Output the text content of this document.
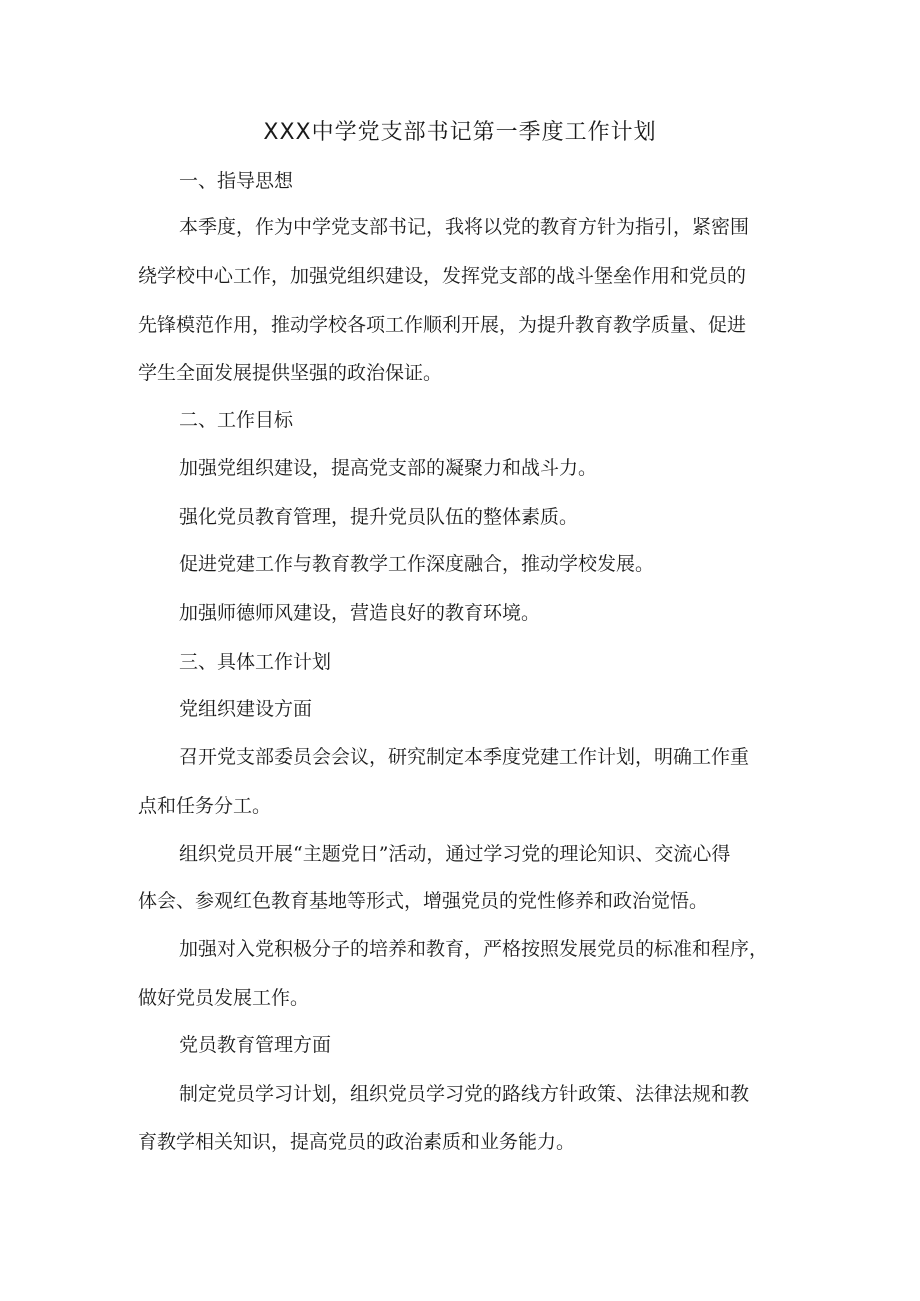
XXX中学党支部书记第一季度工作计划

一、指导思想

本季度，作为中学党支部书记，我将以党的教育方针为指引，紧密围

绕学校中心工作，加强党组织建设，发挥党支部的战斗堡垒作用和党员的

先锋模范作用，推动学校各项工作顺利开展，为提升教育教学质量、促进

学生全面发展提供坚强的政治保证。

二、工作目标

加强党组织建设，提高党支部的凝聚力和战斗力。

强化党员教育管理，提升党员队伍的整体素质。

促进党建工作与教育教学工作深度融合，推动学校发展。

加强师德师风建设，营造良好的教育环境。

三、具体工作计划

党组织建设方面

召开党支部委员会会议，研究制定本季度党建工作计划，明确工作重

点和任务分工。

组织党员开展“主题党日”活动，通过学习党的理论知识、交流心得

体会、参观红色教育基地等形式，增强党员的党性修养和政治觉悟。

加强对入党积极分子的培养和教育，严格按照发展党员的标准和程序，

做好党员发展工作。

党员教育管理方面

制定党员学习计划，组织党员学习党的路线方针政策、法律法规和教

育教学相关知识，提高党员的政治素质和业务能力。
